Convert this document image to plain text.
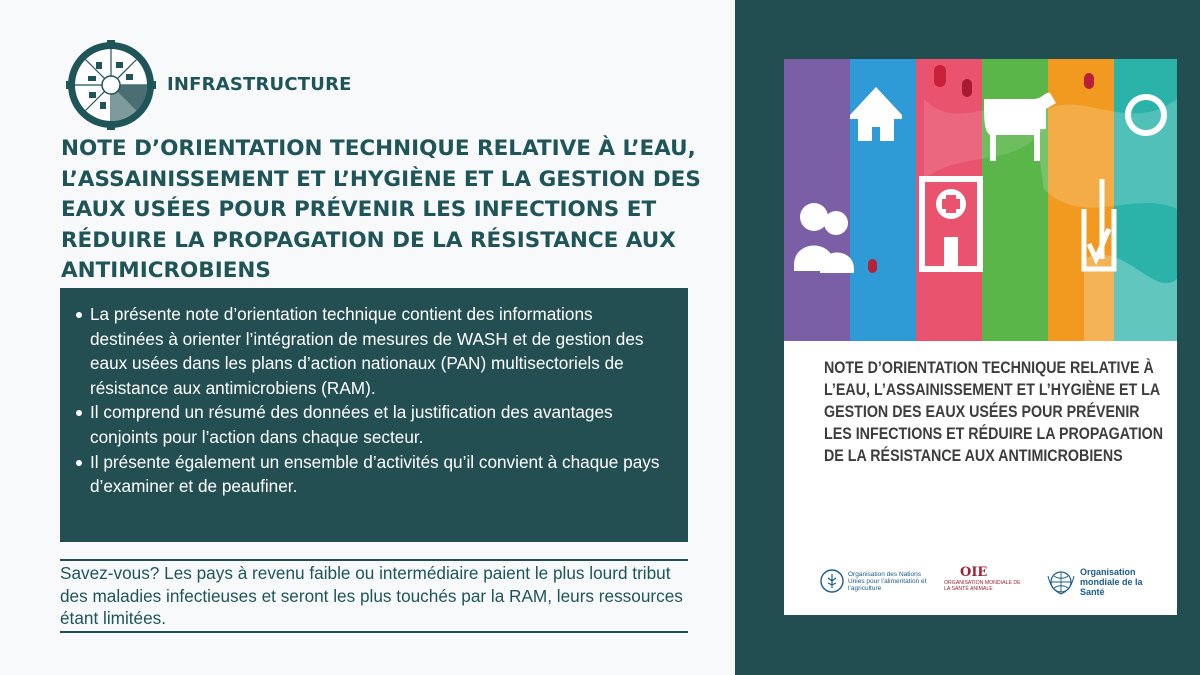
INFRASTRUCTURE
NOTE D’ORIENTATION TECHNIQUE RELATIVE À L’EAU, L’ASSAINISSEMENT ET L’HYGIÈNE ET LA GESTION DES EAUX USÉES POUR PRÉVENIR LES INFECTIONS ET RÉDUIRE LA PROPAGATION DE LA RÉSISTANCE AUX ANTIMICROBIENS
La présente note d’orientation technique contient des informations destinées à orienter l’intégration de mesures de WASH et de gestion des eaux usées dans les plans d’action nationaux (PAN) multisectoriels de résistance aux antimicrobiens (RAM).
Il comprend un résumé des données et la justification des avantages conjoints pour l’action dans chaque secteur.
Il présente également un ensemble d’activités qu’il convient à chaque pays d’examiner et de peaufiner.

Savez-vous? Les pays à revenu faible ou intermédiaire paient le plus lourd tribut des maladies infectieuses et seront les plus touchés par la RAM, leurs ressources étant limitées.

NOTE D’ORIENTATION TECHNIQUE RELATIVE À L’EAU, L’ASSAINISSEMENT ET L’HYGIÈNE ET LA GESTION DES EAUX USÉES POUR PRÉVENIR LES INFECTIONS ET RÉDUIRE LA PROPAGATION DE LA RÉSISTANCE AUX ANTIMICROBIENS
Organisation des Nations Unies pour l’alimentation et l’agriculture
OIE
ORGANISATION MONDIALE DE LA SANTÉ ANIMALE
Organisation mondiale de la Santé
